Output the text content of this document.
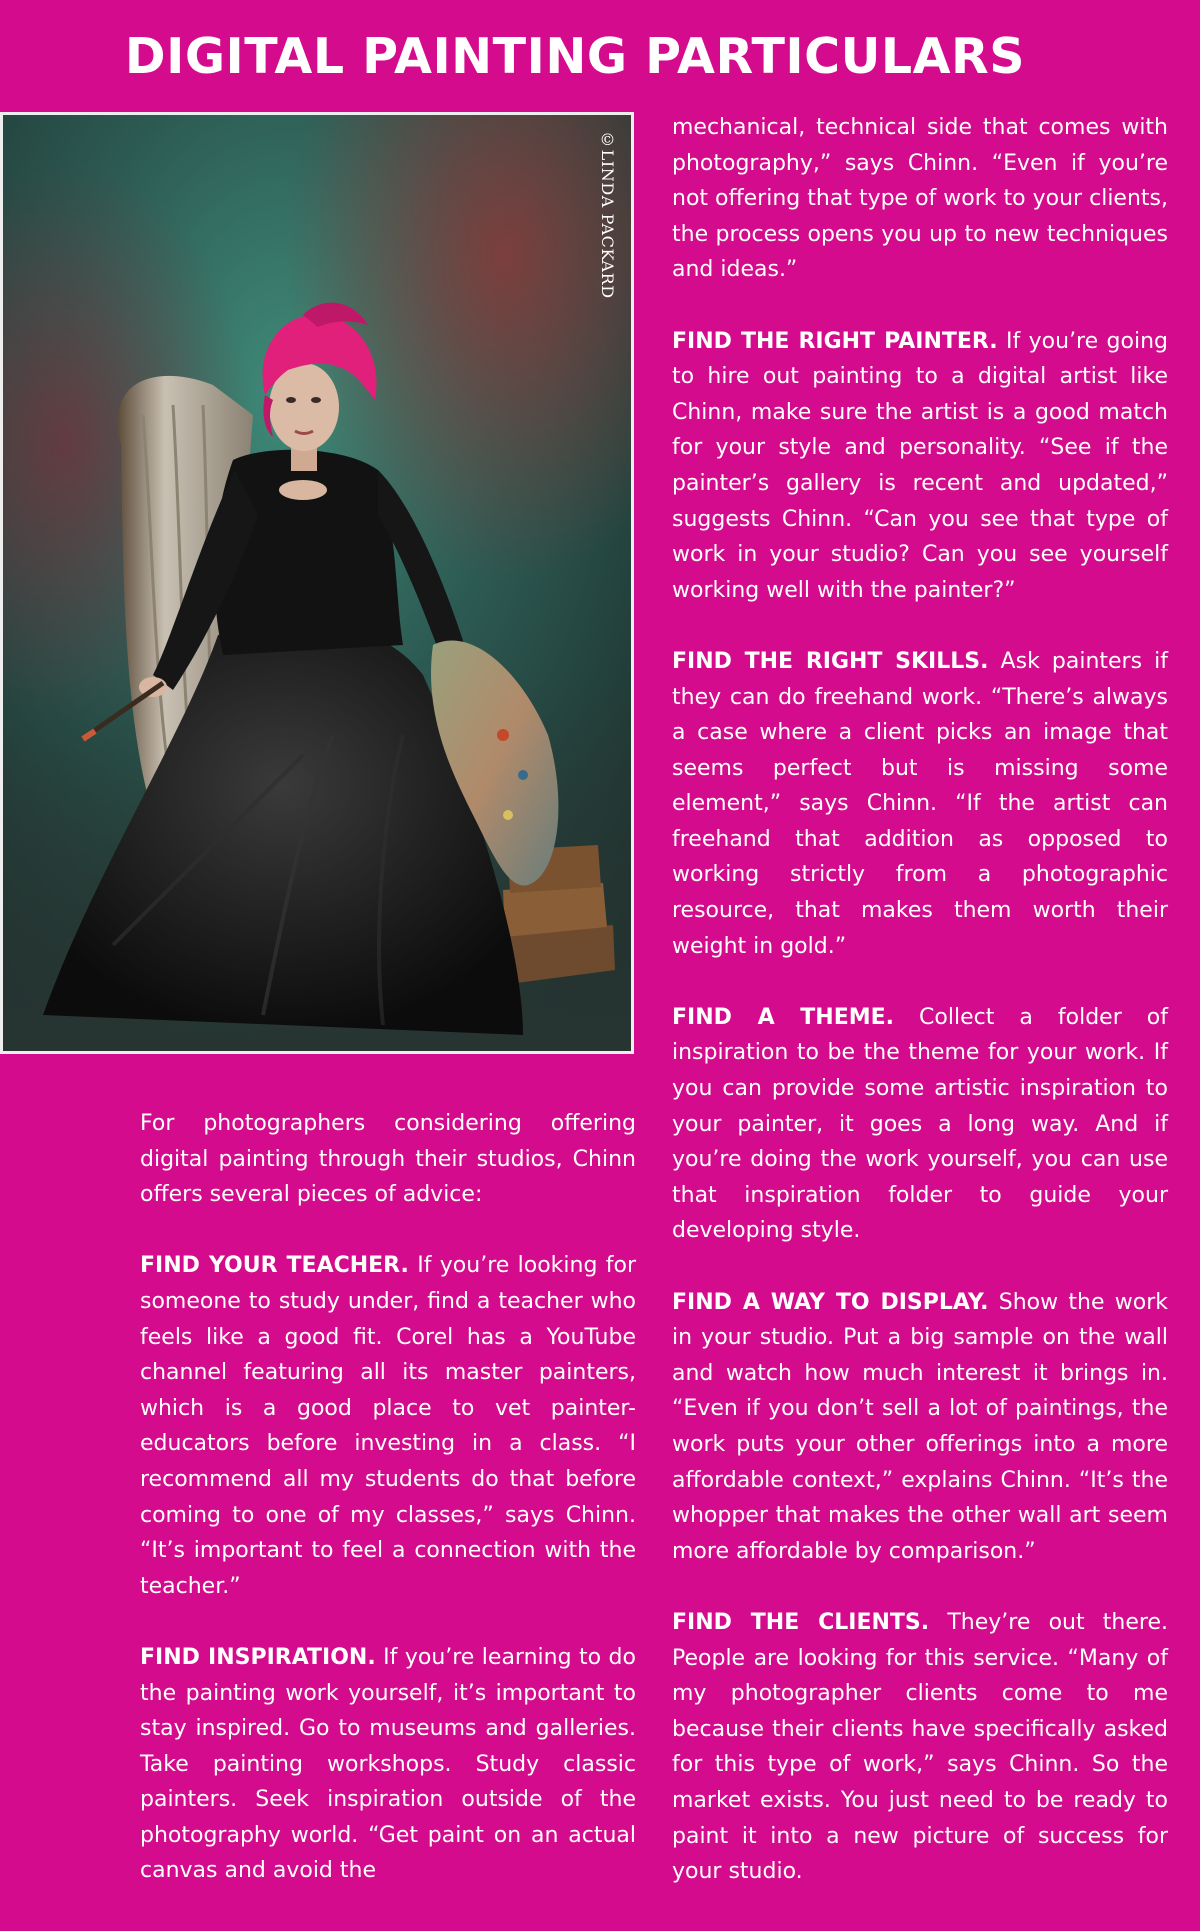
DIGITAL PAINTING PARTICULARS
©LINDA PACKARD

For photographers considering offering digital painting through their studios, Chinn offers several pieces of advice:

FIND YOUR TEACHER. If you’re looking for someone to study under, find a teacher who feels like a good fit. Corel has a YouTube channel featuring all its master painters, which is a good place to vet painter-educators before investing in a class. “I recommend all my students do that before coming to one of my classes,” says Chinn. “It’s important to feel a connection with the teacher.”

FIND INSPIRATION. If you’re learning to do the painting work yourself, it’s important to stay inspired. Go to museums and galleries. Take painting workshops. Study classic painters. Seek inspiration outside of the photography world. “Get paint on an actual canvas and avoid the

mechanical, technical side that comes with photography,” says Chinn. “Even if you’re not offering that type of work to your clients, the process opens you up to new techniques and ideas.”

FIND THE RIGHT PAINTER. If you’re going to hire out painting to a digital artist like Chinn, make sure the artist is a good match for your style and personality. “See if the painter’s gallery is recent and updated,” suggests Chinn. “Can you see that type of work in your studio? Can you see yourself working well with the painter?”

FIND THE RIGHT SKILLS. Ask painters if they can do freehand work. “There’s always a case where a client picks an image that seems perfect but is missing some element,” says Chinn. “If the artist can freehand that addition as opposed to working strictly from a photographic resource, that makes them worth their weight in gold.”

FIND A THEME. Collect a folder of inspiration to be the theme for your work. If you can provide some artistic inspiration to your painter, it goes a long way. And if you’re doing the work yourself, you can use that inspiration folder to guide your developing style.

FIND A WAY TO DISPLAY. Show the work in your studio. Put a big sample on the wall and watch how much interest it brings in. “Even if you don’t sell a lot of paintings, the work puts your other offerings into a more affordable context,” explains Chinn. “It’s the whopper that makes the other wall art seem more affordable by comparison.”

FIND THE CLIENTS. They’re out there. People are looking for this service. “Many of my photographer clients come to me because their clients have specifically asked for this type of work,” says Chinn. So the market exists. You just need to be ready to paint it into a new picture of success for your studio.
